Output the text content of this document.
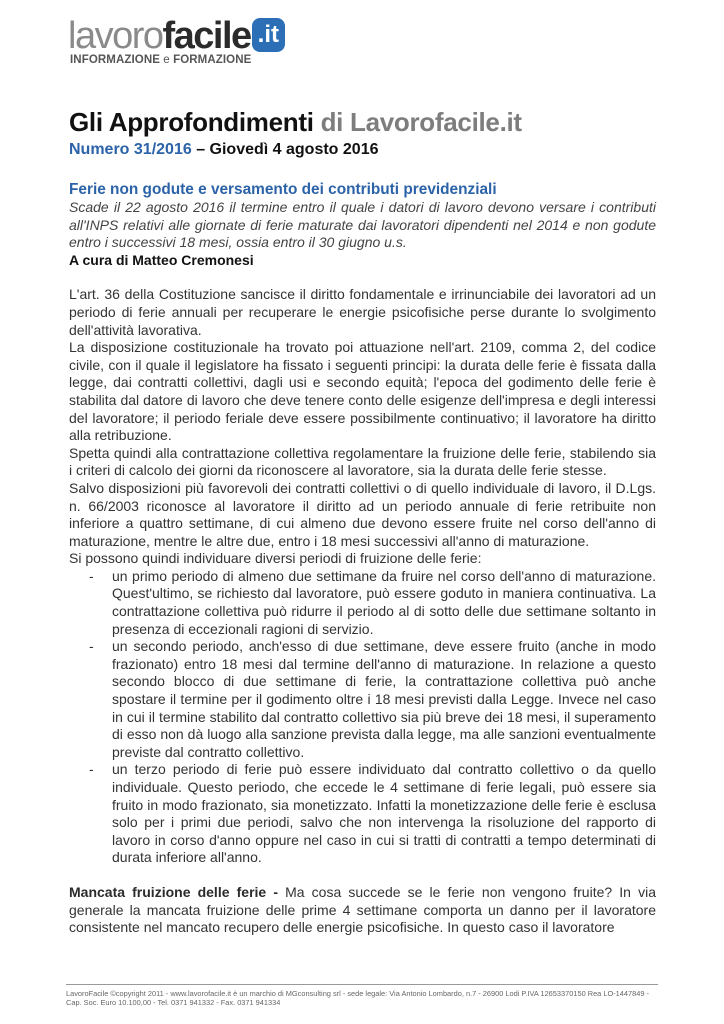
lavorofacile .it
INFORMAZIONE e FORMAZIONE
Gli Approfondimenti di Lavorofacile.it
Numero 31/2016 – Giovedì 4 agosto 2016
Ferie non godute e versamento dei contributi previdenziali

Scade il 22 agosto 2016 il termine entro il quale i datori di lavoro devono versare i contributi all'INPS relativi alle giornate di ferie maturate dai lavoratori dipendenti nel 2014 e non godute entro i successivi 18 mesi, ossia entro il 30 giugno u.s.

A cura di Matteo Cremonesi

L'art. 36 della Costituzione sancisce il diritto fondamentale e irrinunciabile dei lavoratori ad un periodo di ferie annuali per recuperare le energie psicofisiche perse durante lo svolgimento dell'attività lavorativa.

La disposizione costituzionale ha trovato poi attuazione nell'art. 2109, comma 2, del codice civile, con il quale il legislatore ha fissato i seguenti principi: la durata delle ferie è fissata dalla legge, dai contratti collettivi, dagli usi e secondo equità; l'epoca del godimento delle ferie è stabilita dal datore di lavoro che deve tenere conto delle esigenze dell'impresa e degli interessi del lavoratore; il periodo feriale deve essere possibilmente continuativo; il lavoratore ha diritto alla retribuzione.

Spetta quindi alla contrattazione collettiva regolamentare la fruizione delle ferie, stabilendo sia i criteri di calcolo dei giorni da riconoscere al lavoratore, sia la durata delle ferie stesse.

Salvo disposizioni più favorevoli dei contratti collettivi o di quello individuale di lavoro, il D.Lgs. n. 66/2003 riconosce al lavoratore il diritto ad un periodo annuale di ferie retribuite non inferiore a quattro settimane, di cui almeno due devono essere fruite nel corso dell'anno di maturazione, mentre le altre due, entro i 18 mesi successivi all'anno di maturazione.

Si possono quindi individuare diversi periodi di fruizione delle ferie:

- un primo periodo di almeno due settimane da fruire nel corso dell'anno di maturazione. Quest'ultimo, se richiesto dal lavoratore, può essere goduto in maniera continuativa. La contrattazione collettiva può ridurre il periodo al di sotto delle due settimane soltanto in presenza di eccezionali ragioni di servizio.
- un secondo periodo, anch'esso di due settimane, deve essere fruito (anche in modo frazionato) entro 18 mesi dal termine dell'anno di maturazione. In relazione a questo secondo blocco di due settimane di ferie, la contrattazione collettiva può anche spostare il termine per il godimento oltre i 18 mesi previsti dalla Legge. Invece nel caso in cui il termine stabilito dal contratto collettivo sia più breve dei 18 mesi, il superamento di esso non dà luogo alla sanzione prevista dalla legge, ma alle sanzioni eventualmente previste dal contratto collettivo.
- un terzo periodo di ferie può essere individuato dal contratto collettivo o da quello individuale. Questo periodo, che eccede le 4 settimane di ferie legali, può essere sia fruito in modo frazionato, sia monetizzato. Infatti la monetizzazione delle ferie è esclusa solo per i primi due periodi, salvo che non intervenga la risoluzione del rapporto di lavoro in corso d'anno oppure nel caso in cui si tratti di contratti a tempo determinati di durata inferiore all'anno.

Mancata fruizione delle ferie - Ma cosa succede se le ferie non vengono fruite? In via generale la mancata fruizione delle prime 4 settimane comporta un danno per il lavoratore consistente nel mancato recupero delle energie psicofisiche. In questo caso il lavoratore

LavoroFacile ©copyright 2011 - www.lavorofacile.it è un marchio di MGconsulting srl - sede legale: Via Antonio Lombardo, n.7 - 26900 Lodi P.IVA 12653370150 Rea LO-1447849 -
Cap. Soc. Euro 10.100,00 - Tel. 0371 941332 - Fax. 0371 941334
